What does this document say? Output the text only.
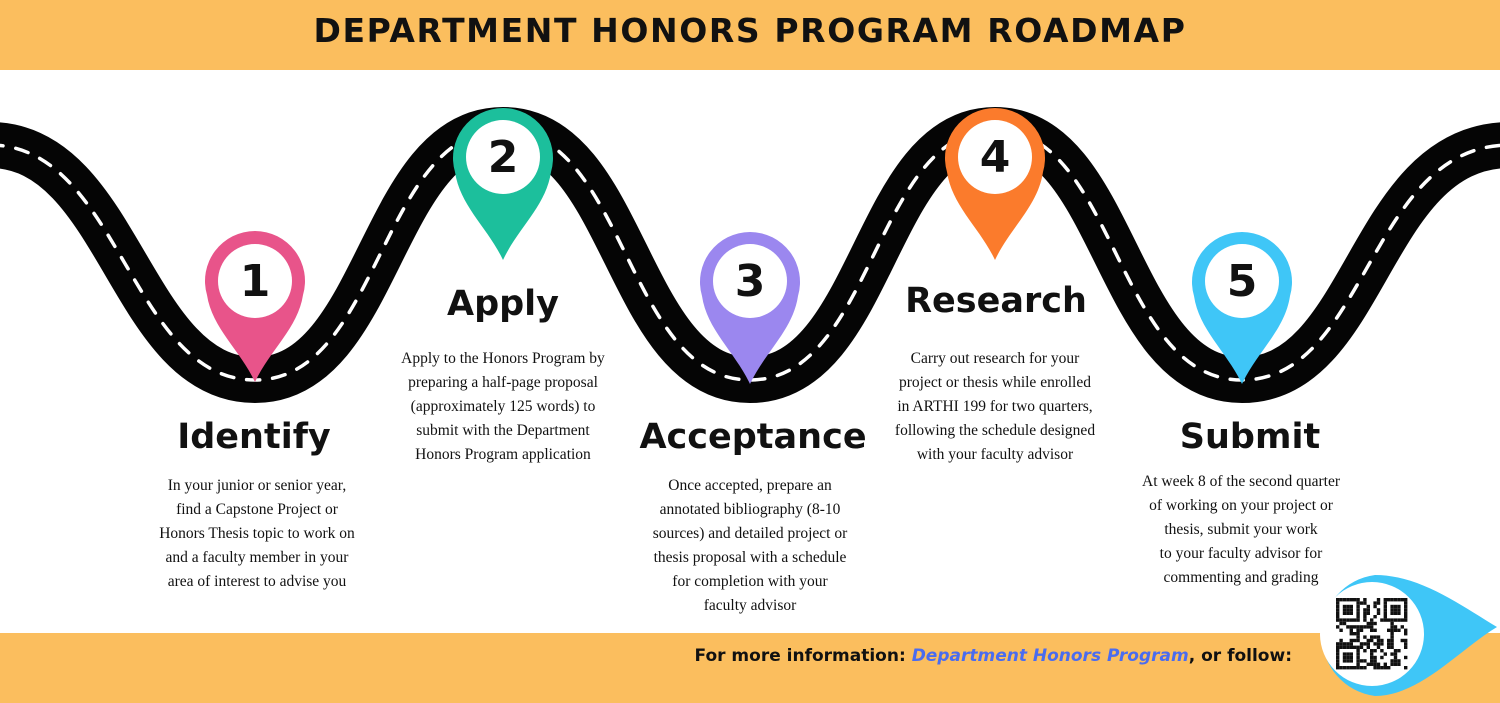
DEPARTMENT HONORS PROGRAM ROADMAP
1
2
3
4
5
Identify
Apply
Acceptance
Research
Submit
In your junior or senior year,
find a Capstone Project or
Honors Thesis topic to work on
and a faculty member in your
area of interest to advise you
Apply to the Honors Program by
preparing a half-page proposal
(approximately 125 words) to
submit with the Department
Honors Program application
Once accepted, prepare an
annotated bibliography (8-10
sources) and detailed project or
thesis proposal with a schedule
for completion with your
faculty advisor
Carry out research for your
project or thesis while enrolled
in ARTHI 199 for two quarters,
following the schedule designed
with your faculty advisor
At week 8 of the second quarter
of working on your project or
thesis, submit your work
to your faculty advisor for
commenting and grading
For more information: Department Honors Program, or follow:
